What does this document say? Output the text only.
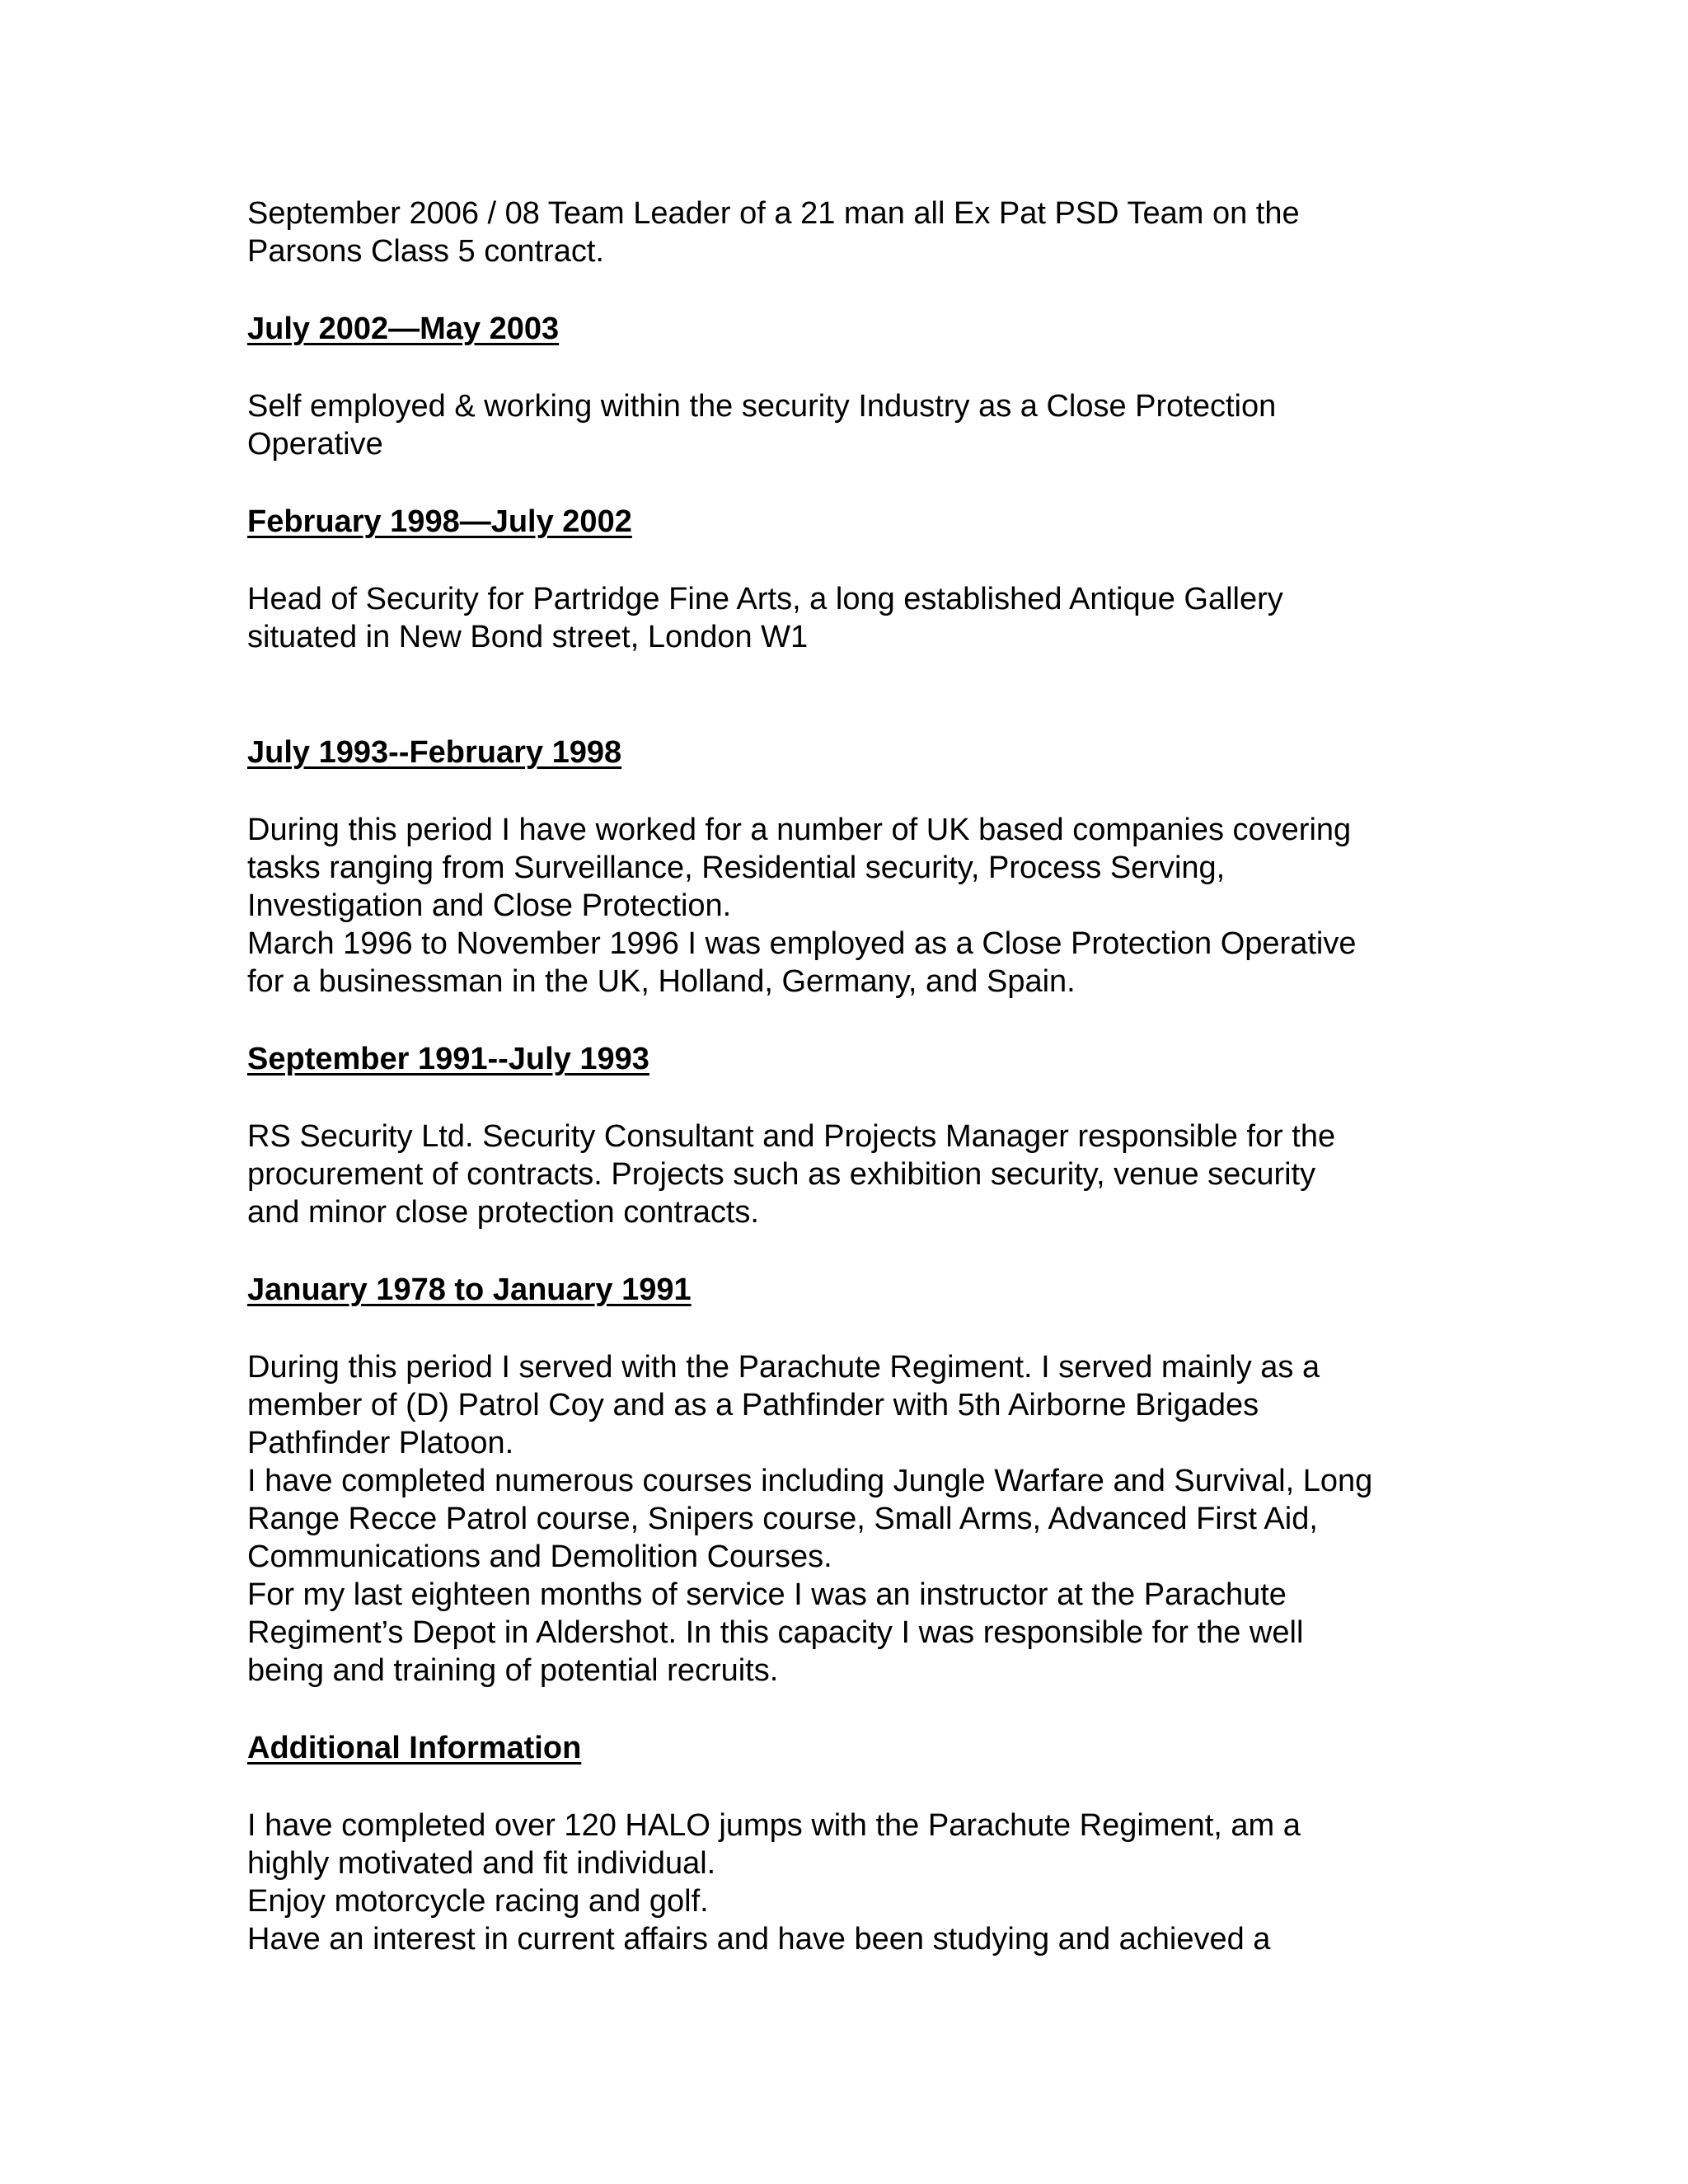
September 2006 / 08 Team Leader of a 21 man all Ex Pat PSD Team on the
Parsons Class 5 contract.
July 2002—May 2003
Self employed & working within the security Industry as a Close Protection
Operative
February 1998—July 2002
Head of Security for Partridge Fine Arts, a long established Antique Gallery
situated in New Bond street, London W1
July 1993--February 1998
During this period I have worked for a number of UK based companies covering
tasks ranging from Surveillance, Residential security, Process Serving,
Investigation and Close Protection.
March 1996 to November 1996 I was employed as a Close Protection Operative
for a businessman in the UK, Holland, Germany, and Spain.
September 1991--July 1993
RS Security Ltd. Security Consultant and Projects Manager responsible for the
procurement of contracts. Projects such as exhibition security, venue security
and minor close protection contracts.
January 1978 to January 1991
During this period I served with the Parachute Regiment. I served mainly as a
member of (D) Patrol Coy and as a Pathfinder with 5th Airborne Brigades
Pathfinder Platoon.
I have completed numerous courses including Jungle Warfare and Survival, Long
Range Recce Patrol course, Snipers course, Small Arms, Advanced First Aid,
Communications and Demolition Courses.
For my last eighteen months of service I was an instructor at the Parachute
Regiment’s Depot in Aldershot. In this capacity I was responsible for the well
being and training of potential recruits.
Additional Information
I have completed over 120 HALO jumps with the Parachute Regiment, am a
highly motivated and fit individual.
Enjoy motorcycle racing and golf.
Have an interest in current affairs and have been studying and achieved a
